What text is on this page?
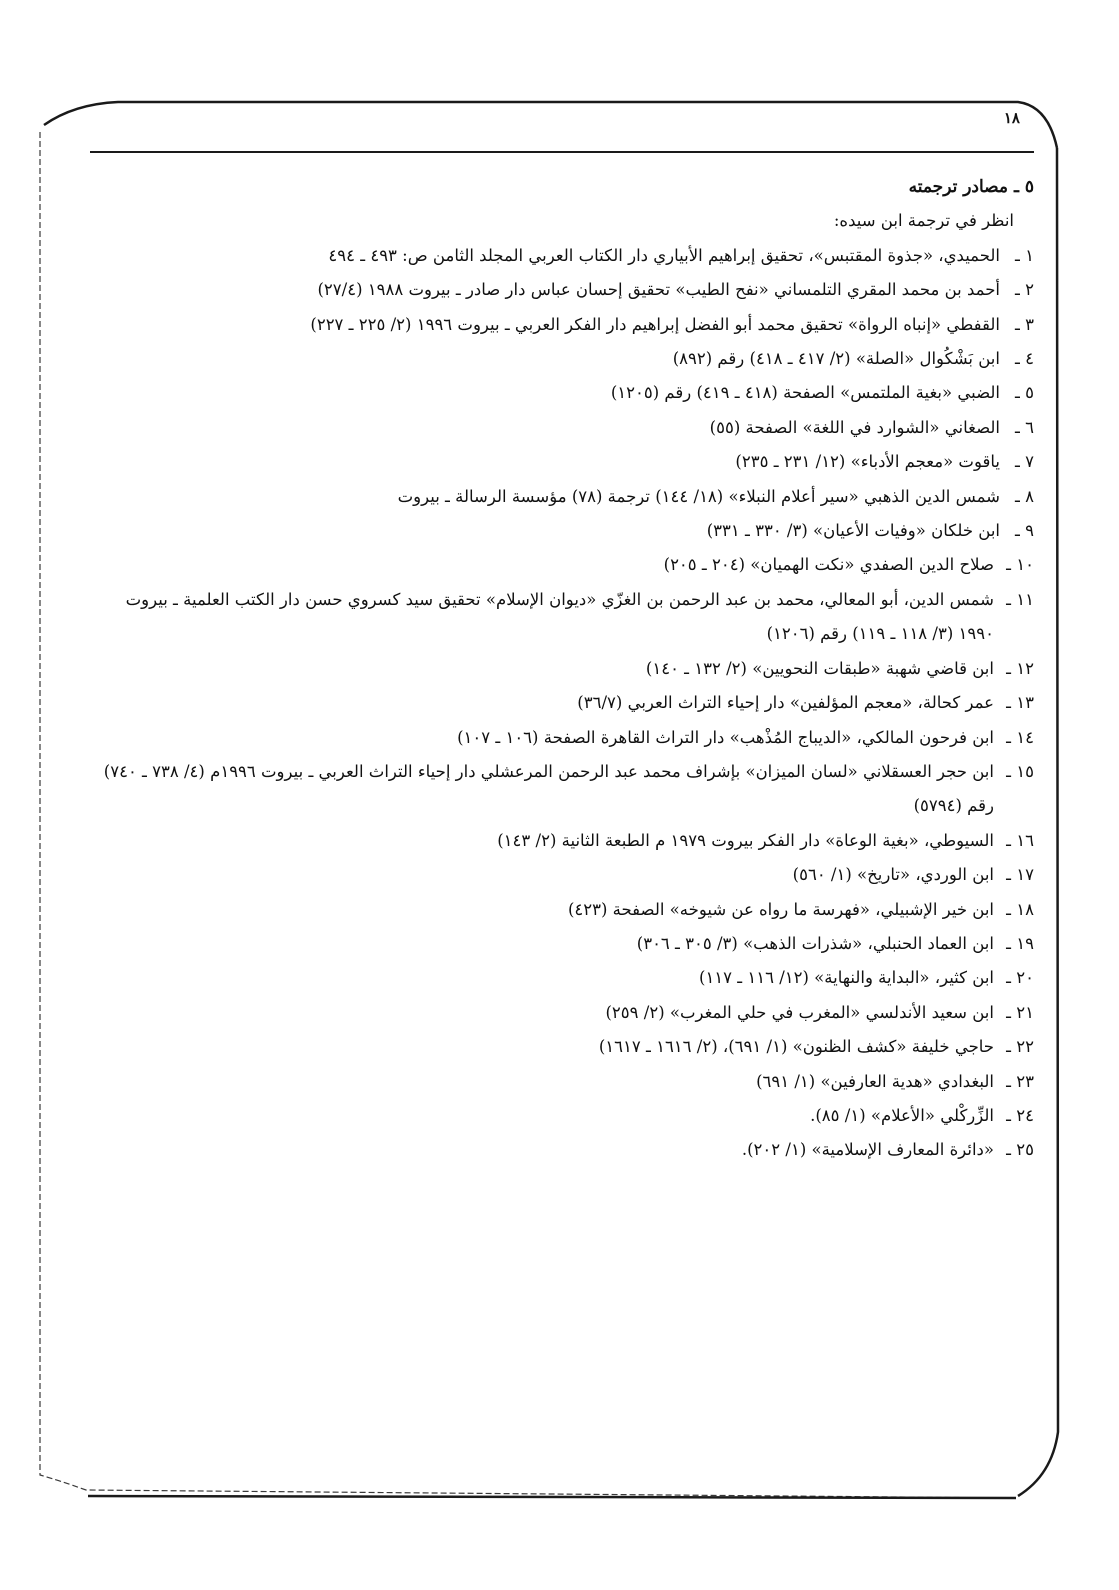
١٨

٥ ـ مصادر ترجمته

انظر في ترجمة ابن سيده:

١ ـ
الحميدي، «جذوة المقتبس»، تحقيق إبراهيم الأبياري دار الكتاب العربي المجلد الثامن ص: ٤٩٣ ـ ٤٩٤
٢ ـ
أحمد بن محمد المقري التلمساني «نفح الطيب» تحقيق إحسان عباس دار صادر ـ بيروت ١٩٨٨ (٢٧/٤)
٣ ـ
القفطي «إنباه الرواة» تحقيق محمد أبو الفضل إبراهيم دار الفكر العربي ـ بيروت ١٩٩٦ (٢/ ٢٢٥ ـ ٢٢٧)
٤ ـ
ابن بَشْكُوال «الصلة» (٢/ ٤١٧ ـ ٤١٨) رقم (٨٩٢)
٥ ـ
الضبي «بغية الملتمس» الصفحة (٤١٨ ـ ٤١٩) رقم (١٢٠٥)
٦ ـ
الصغاني «الشوارد في اللغة» الصفحة (٥٥)
٧ ـ
ياقوت «معجم الأدباء» (١٢/ ٢٣١ ـ ٢٣٥)
٨ ـ
شمس الدين الذهبي «سير أعلام النبلاء» (١٨/ ١٤٤) ترجمة (٧٨) مؤسسة الرسالة ـ بيروت
٩ ـ
ابن خلكان «وفيات الأعيان» (٣/ ٣٣٠ ـ ٣٣١)
١٠ ـ
صلاح الدين الصفدي «نكت الهميان» (٢٠٤ ـ ٢٠٥)
١١ ـ
شمس الدين، أبو المعالي، محمد بن عبد الرحمن بن الغزّي «ديوان الإسلام» تحقيق سيد كسروي حسن دار الكتب العلمية ـ بيروت ١٩٩٠ (٣/ ١١٨ ـ ١١٩) رقم (١٢٠٦)
١٢ ـ
ابن قاضي شهبة «طبقات النحويين» (٢/ ١٣٢ ـ ١٤٠)
١٣ ـ
عمر كحالة، «معجم المؤلفين» دار إحياء التراث العربي (٣٦/٧)
١٤ ـ
ابن فرحون المالكي، «الديباج المُذْهب» دار التراث القاهرة الصفحة (١٠٦ ـ ١٠٧)
١٥ ـ
ابن حجر العسقلاني «لسان الميزان» بإشراف محمد عبد الرحمن المرعشلي دار إحياء التراث العربي ـ بيروت ١٩٩٦م (٤/ ٧٣٨ ـ ٧٤٠) رقم (٥٧٩٤)
١٦ ـ
السيوطي، «بغية الوعاة» دار الفكر بيروت ١٩٧٩ م الطبعة الثانية (٢/ ١٤٣)
١٧ ـ
ابن الوردي، «تاريخ» (١/ ٥٦٠)
١٨ ـ
ابن خير الإشبيلي، «فهرسة ما رواه عن شيوخه» الصفحة (٤٢٣)
١٩ ـ
ابن العماد الحنبلي، «شذرات الذهب» (٣/ ٣٠٥ ـ ٣٠٦)
٢٠ ـ
ابن كثير، «البداية والنهاية» (١٢/ ١١٦ ـ ١١٧)
٢١ ـ
ابن سعيد الأندلسي «المغرب في حلي المغرب» (٢/ ٢٥٩)
٢٢ ـ
حاجي خليفة «كشف الظنون» (١/ ٦٩١)، (٢/ ١٦١٦ ـ ١٦١٧)
٢٣ ـ
البغدادي «هدية العارفين» (١/ ٦٩١)
٢٤ ـ
الزِّركْلي «الأعلام» (١/ ٨٥).
٢٥ ـ
«دائرة المعارف الإسلامية» (١/ ٢٠٢).
